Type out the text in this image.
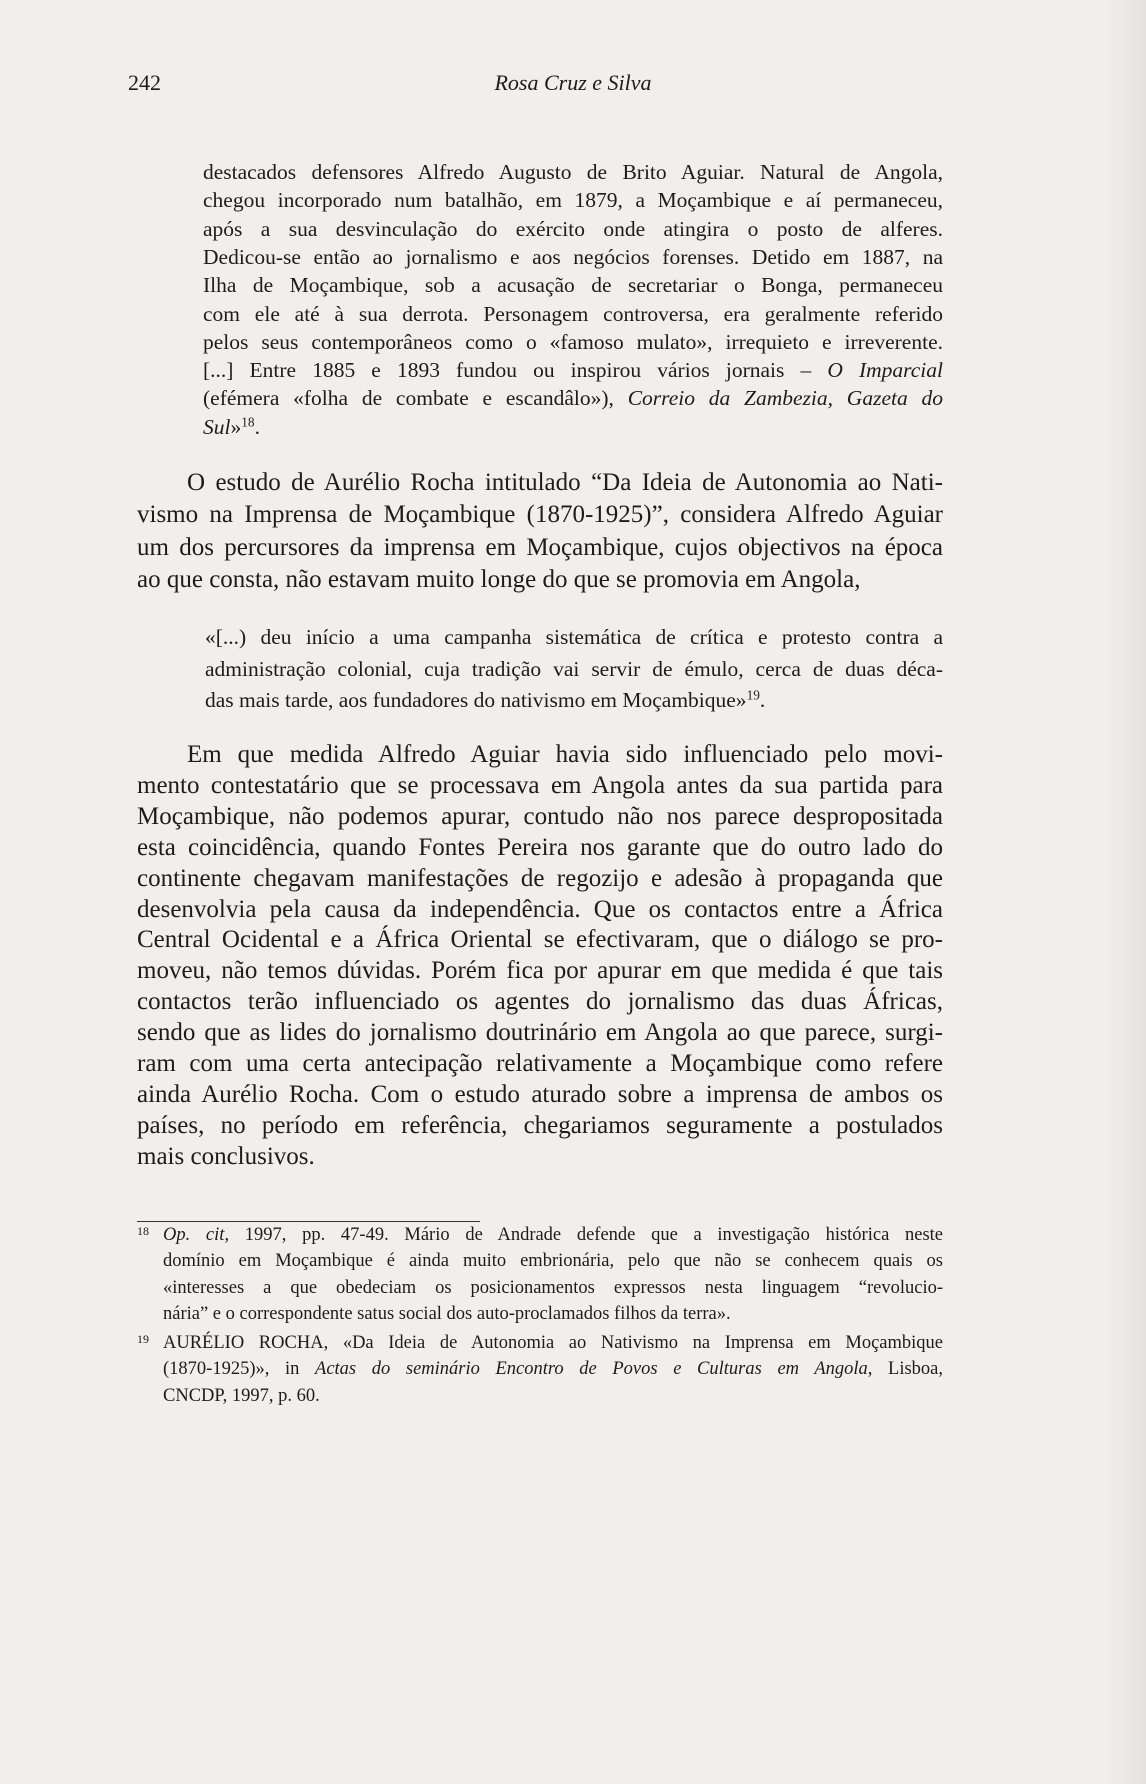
242	Rosa Cruz e Silva
destacados defensores Alfredo Augusto de Brito Aguiar. Natural de Angola,
chegou incorporado num batalhão, em 1879, a Moçambique e aí permaneceu,
após a sua desvinculação do exército onde atingira o posto de alferes.
Dedicou-se então ao jornalismo e aos negócios forenses. Detido em 1887, na
Ilha de Moçambique, sob a acusação de secretariar o Bonga, permaneceu
com ele até à sua derrota. Personagem controversa, era geralmente referido
pelos seus contemporâneos como o «famoso mulato», irrequieto e irreverente.
[...] Entre 1885 e 1893 fundou ou inspirou vários jornais – O Imparcial
(efémera «folha de combate e escandâlo»), Correio da Zambezia, Gazeta do
Sul»$^{18}$.
O estudo de Aurélio Rocha intitulado “Da Ideia de Autonomia ao Nati-
vismo na Imprensa de Moçambique (1870-1925)”, considera Alfredo Aguiar
um dos percursores da imprensa em Moçambique, cujos objectivos na época
ao que consta, não estavam muito longe do que se promovia em Angola,
«[...) deu início a uma campanha sistemática de crítica e protesto contra a
administração colonial, cuja tradição vai servir de émulo, cerca de duas déca-
das mais tarde, aos fundadores do nativismo em Moçambique»$^{19}$.
Em que medida Alfredo Aguiar havia sido influenciado pelo movi-
mento contestatário que se processava em Angola antes da sua partida para
Moçambique, não podemos apurar, contudo não nos parece despropositada
esta coincidência, quando Fontes Pereira nos garante que do outro lado do
continente chegavam manifestações de regozijo e adesão à propaganda que
desenvolvia pela causa da independência. Que os contactos entre a África
Central Ocidental e a África Oriental se efectivaram, que o diálogo se pro-
moveu, não temos dúvidas. Porém fica por apurar em que medida é que tais
contactos terão influenciado os agentes do jornalismo das duas Áfricas,
sendo que as lides do jornalismo doutrinário em Angola ao que parece, surgi-
ram com uma certa antecipação relativamente a Moçambique como refere
ainda Aurélio Rocha. Com o estudo aturado sobre a imprensa de ambos os
países, no período em referência, chegariamos seguramente a postulados
mais conclusivos.
18 Op. cit, 1997, pp. 47-49. Mário de Andrade defende que a investigação histórica neste
domínio em Moçambique é ainda muito embrionária, pelo que não se conhecem quais os
«interesses a que obedeciam os posicionamentos expressos nesta linguagem “revolucio-
nária” e o correspondente satus social dos auto-proclamados filhos da terra».
19 AURÉLIO ROCHA, «Da Ideia de Autonomia ao Nativismo na Imprensa em Moçambique
(1870-1925)», in Actas do seminário Encontro de Povos e Culturas em Angola, Lisboa,
CNCDP, 1997, p. 60.
